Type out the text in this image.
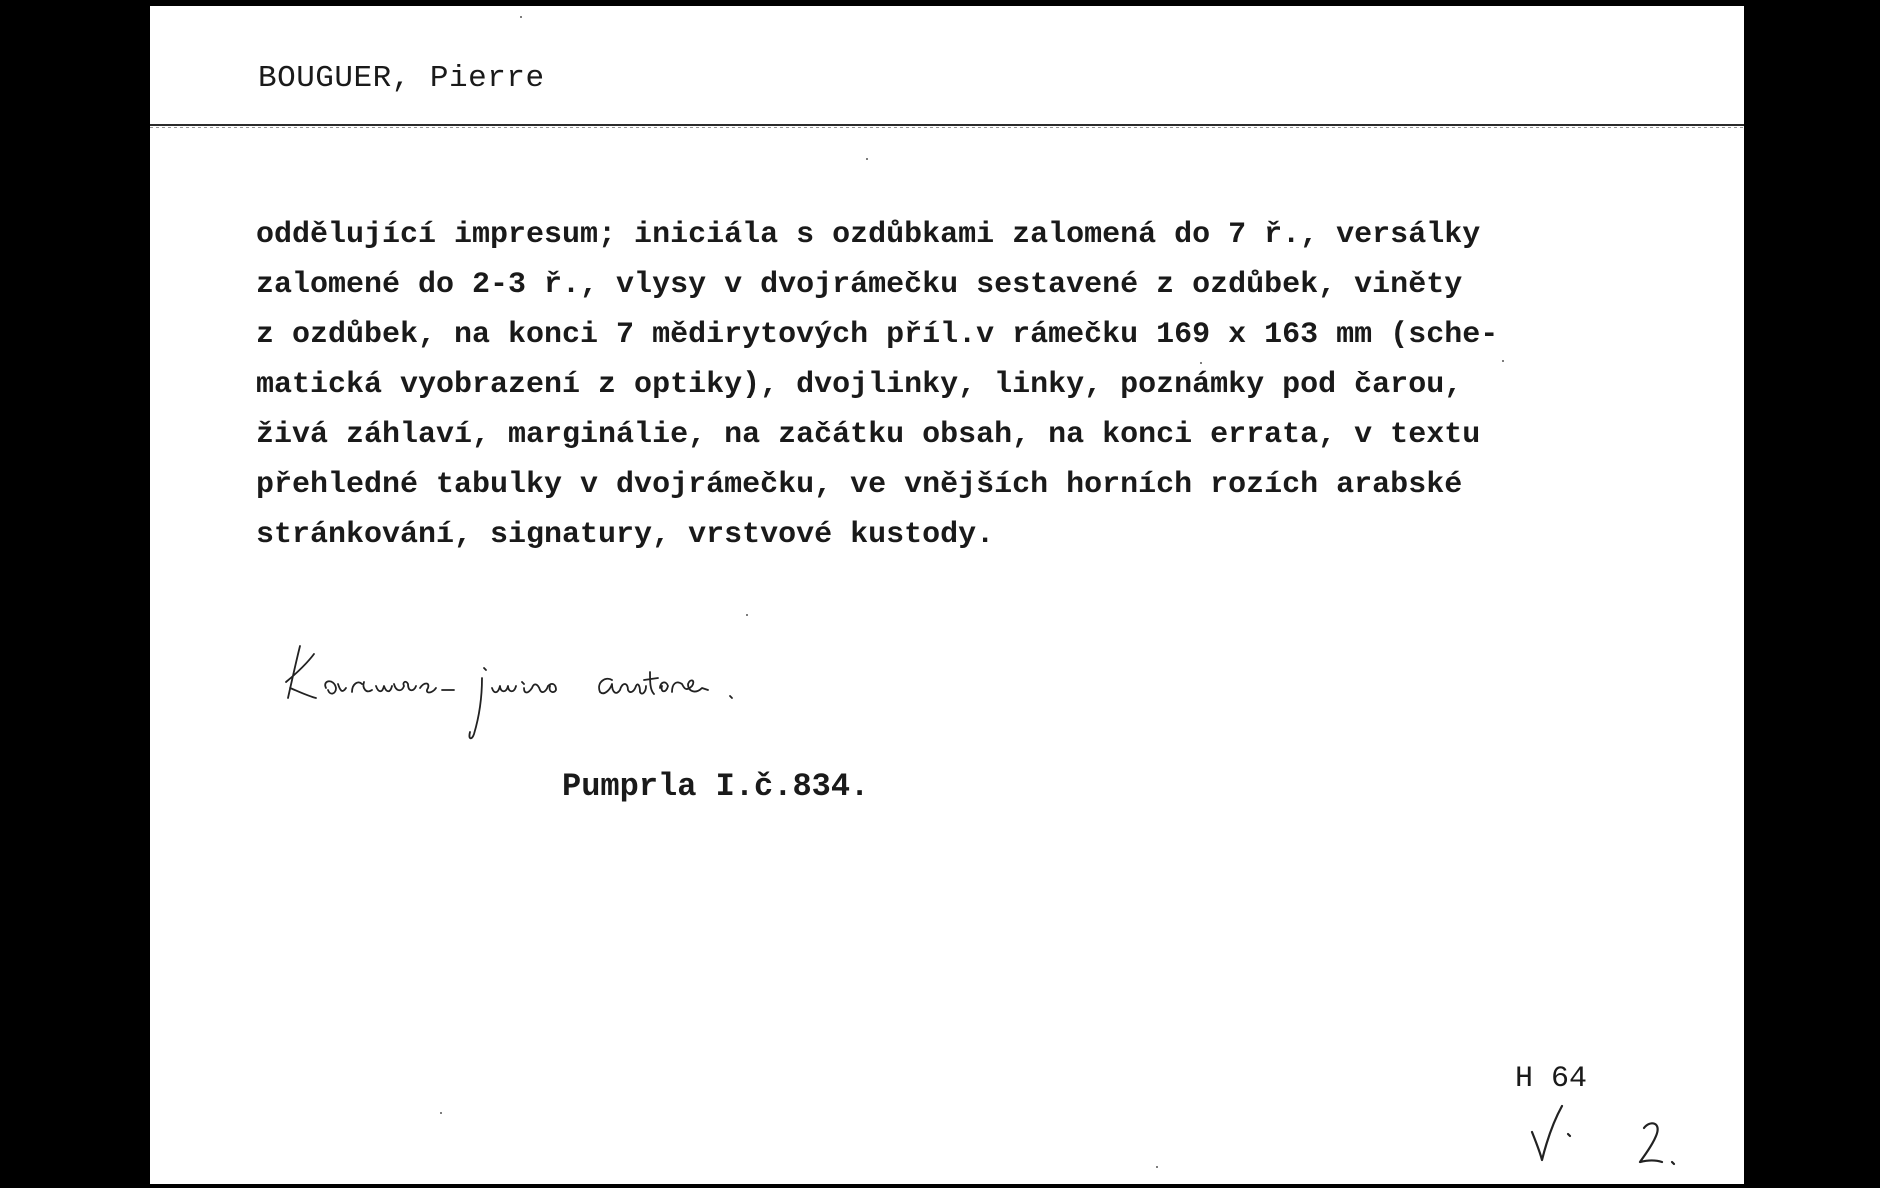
BOUGUER, Pierre
oddělující impresum; iniciála s ozdůbkami zalomená do 7 ř., versálky
zalomené do 2-3 ř., vlysy v dvojrámečku sestavené z ozdůbek, viněty
z ozdůbek, na konci 7 mědirytových příl.v rámečku 169 x 163 mm (sche-
matická vyobrazení z optiky), dvojlinky, linky, poznámky pod čarou,
živá záhlaví, marginálie, na začátku obsah, na konci errata, v textu
přehledné tabulky v dvojrámečku, ve vnějších horních rozích arabské
stránkování, signatury, vrstvové kustody.
Pumprla I.č.834.
H 64
